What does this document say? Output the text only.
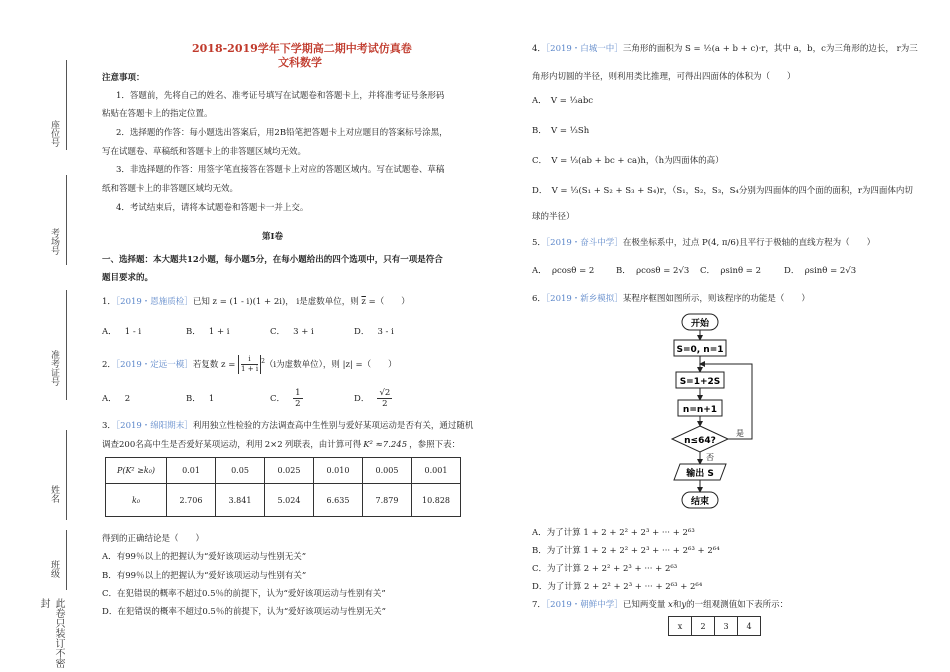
座位号
考场号
准考证号
姓名
班级
此卷只装订不密封
2018-2019学年下学期高二期中考试仿真卷
文科数学
注意事项：
1．答题前，先将自己的姓名、准考证号填写在试题卷和答题卡上，并将准考证号条形码
粘贴在答题卡上的指定位置。
2．选择题的作答：每小题选出答案后，用2B铅笔把答题卡上对应题目的答案标号涂黑，
写在试题卷、草稿纸和答题卡上的非答题区域均无效。
3．非选择题的作答：用签字笔直接答在答题卡上对应的答题区域内。写在试题卷、草稿
纸和答题卡上的非答题区域均无效。
4．考试结束后，请将本试题卷和答题卡一并上交。
第Ⅰ卷
一、选择题：本大题共12小题，每小题5分，在每小题给出的四个选项中，只有一项是符合
题目要求的。
1．［2019・恩施质检］已知 z = (1 - i)(1 + 2i)， i是虚数单位，则 $\overline{z}$ =（　　）
A． 1 - i	B． 1 + i	C． 3 + i	D． 3 - i
2．［2019・定远一模］若复数 $z = \frac{i}{1 + i} ^2(i$为虚数单位），则 |z| =（　　）
A． 2	B． 1	C． $\frac{1}{2}$	D． $\frac{√2}{2}$
3．［2019・绵阳期末］利用独立性检验的方法调查高中生性别与爱好某项运动是否有关，通过随机
调查200名高中生是否爱好某项运动，利用 2×2 列联表，由计算可得 K² ≈7.245 ，参照下表：
P(K² ≥k₀)	0.01	0.05	0.025	0.010	0.005	0.001
k₀	2.706	3.841	5.024	6.635	7.879	10.828
得到的正确结论是（　　）
A．有99％以上的把握认为“爱好该项运动与性别无关”
B．有99％以上的把握认为“爱好该项运动与性别有关”
C．在犯错误的概率不超过0.5％的前提下，认为“爱好该项运动与性别有关”
D．在犯错误的概率不超过0.5％的前提下，认为“爱好该项运动与性别无关”
4．［2019・白城一中］三角形的面积为 S = ½(a + b + c)·r，其中 a，b，c为三角形的边长， r为三
角形内切圆的半径，则利用类比推理，可得出四面体的体积为（　　）
A．　V = ⅓abc
B．　V = ⅓Sh
C．　V = ⅓(ab + bc + ca)h，（h为四面体的高）
D．　V = ⅓(S₁ + S₂ + S₃ + S₄)r，（S₁，S₂，S₃，S₄分别为四面体的四个面的面积，r为四面体内切
球的半径）
5．［2019・奋斗中学］在极坐标系中，过点 P(4, π/6)且平行于极轴的直线方程为（　　）
A． ρcosθ = 2	B． ρcosθ = 2√3 C． ρsinθ = 2	D． ρsinθ = 2√3
6．［2019・新乡模拟］某程序框图如图所示，则该程序的功能是（　　）
开始
S=0, n=1
S=1+2S
n=n+1
n≤64?
是
否
输出 S
结束
A．为了计算 1 + 2 + 2² + 2³ + ··· + 2⁶³
B．为了计算 1 + 2 + 2² + 2³ + ··· + 2⁶³ + 2⁶⁴
C．为了计算 2 + 2² + 2³ + ··· + 2⁶³
D．为了计算 2 + 2² + 2³ + ··· + 2⁶³ + 2⁶⁴
7．［2019・朝鲜中学］已知两变量 x和y的一组观测值如下表所示：
x	2	3	4
